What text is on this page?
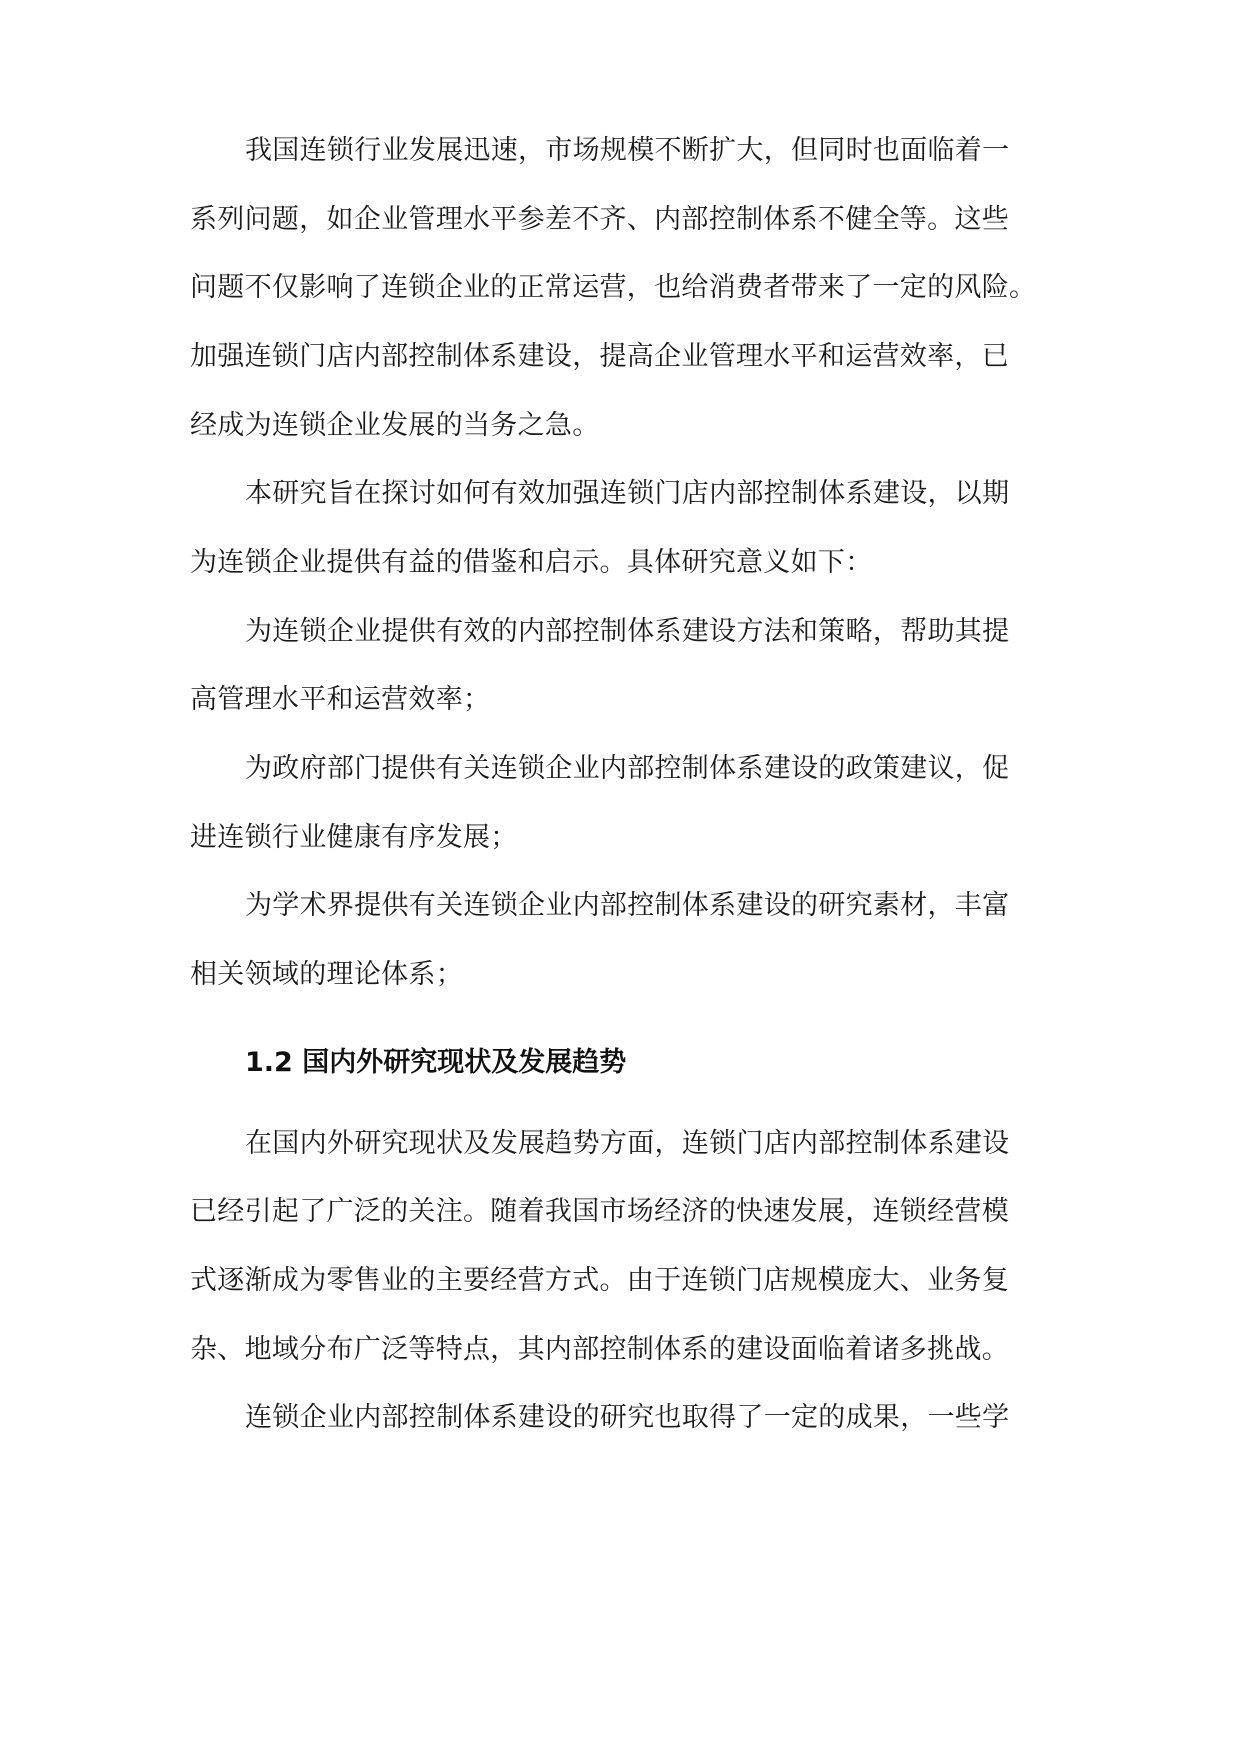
我国连锁行业发展迅速，市场规模不断扩大，但同时也面临着一
系列问题，如企业管理水平参差不齐、内部控制体系不健全等。这些
问题不仅影响了连锁企业的正常运营，也给消费者带来了一定的风险。
加强连锁门店内部控制体系建设，提高企业管理水平和运营效率，已
经成为连锁企业发展的当务之急。
本研究旨在探讨如何有效加强连锁门店内部控制体系建设，以期
为连锁企业提供有益的借鉴和启示。具体研究意义如下：
为连锁企业提供有效的内部控制体系建设方法和策略，帮助其提
高管理水平和运营效率；
为政府部门提供有关连锁企业内部控制体系建设的政策建议，促
进连锁行业健康有序发展；
为学术界提供有关连锁企业内部控制体系建设的研究素材，丰富
相关领域的理论体系；
1.2 国内外研究现状及发展趋势
在国内外研究现状及发展趋势方面，连锁门店内部控制体系建设
已经引起了广泛的关注。随着我国市场经济的快速发展，连锁经营模
式逐渐成为零售业的主要经营方式。由于连锁门店规模庞大、业务复
杂、地域分布广泛等特点，其内部控制体系的建设面临着诸多挑战。
连锁企业内部控制体系建设的研究也取得了一定的成果，一些学
